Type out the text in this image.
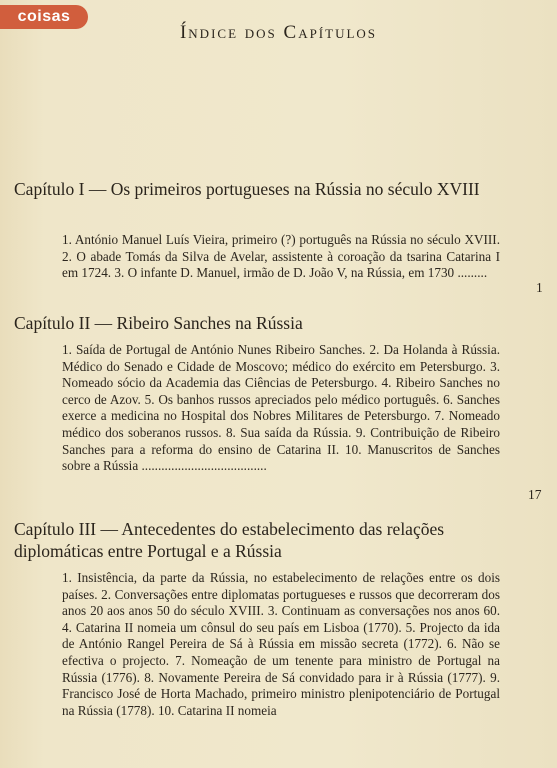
coisas
Índice dos Capítulos
Capítulo I — Os primeiros portugueses na Rússia no século XVIII
1. António Manuel Luís Vieira, primeiro (?) português na Rússia no século XVIII. 2. O abade Tomás da Silva de Avelar, assistente à coroação da tsarina Catarina I em 1724. 3. O infante D. Manuel, irmão de D. João V, na Rússia, em 1730 .........
1
Capítulo II — Ribeiro Sanches na Rússia
1. Saída de Portugal de António Nunes Ribeiro Sanches. 2. Da Holanda à Rússia. Médico do Senado e Cidade de Moscovo; médico do exército em Petersburgo. 3. Nomeado sócio da Academia das Ciências de Petersburgo. 4. Ribeiro Sanches no cerco de Azov. 5. Os banhos russos apreciados pelo médico português. 6. Sanches exerce a medicina no Hospital dos Nobres Militares de Petersburgo. 7. Nomeado médico dos soberanos russos. 8. Sua saída da Rússia. 9. Contribuição de Ribeiro Sanches para a reforma do ensino de Catarina II. 10. Manuscritos de Sanches sobre a Rússia ......................................
17
Capítulo III — Antecedentes do estabelecimento das relações diplomáticas entre Portugal e a Rússia
1. Insistência, da parte da Rússia, no estabelecimento de relações entre os dois países. 2. Conversações entre diplomatas portugueses e russos que decorreram dos anos 20 aos anos 50 do século XVIII. 3. Continuam as conversações nos anos 60. 4. Catarina II nomeia um cônsul do seu país em Lisboa (1770). 5. Projecto da ida de António Rangel Pereira de Sá à Rússia em missão secreta (1772). 6. Não se efectiva o projecto. 7. Nomeação de um tenente para ministro de Portugal na Rússia (1776). 8. Novamente Pereira de Sá convidado para ir à Rússia (1777). 9. Francisco José de Horta Machado, primeiro ministro plenipotenciário de Portugal na Rússia (1778). 10. Catarina II nomeia
